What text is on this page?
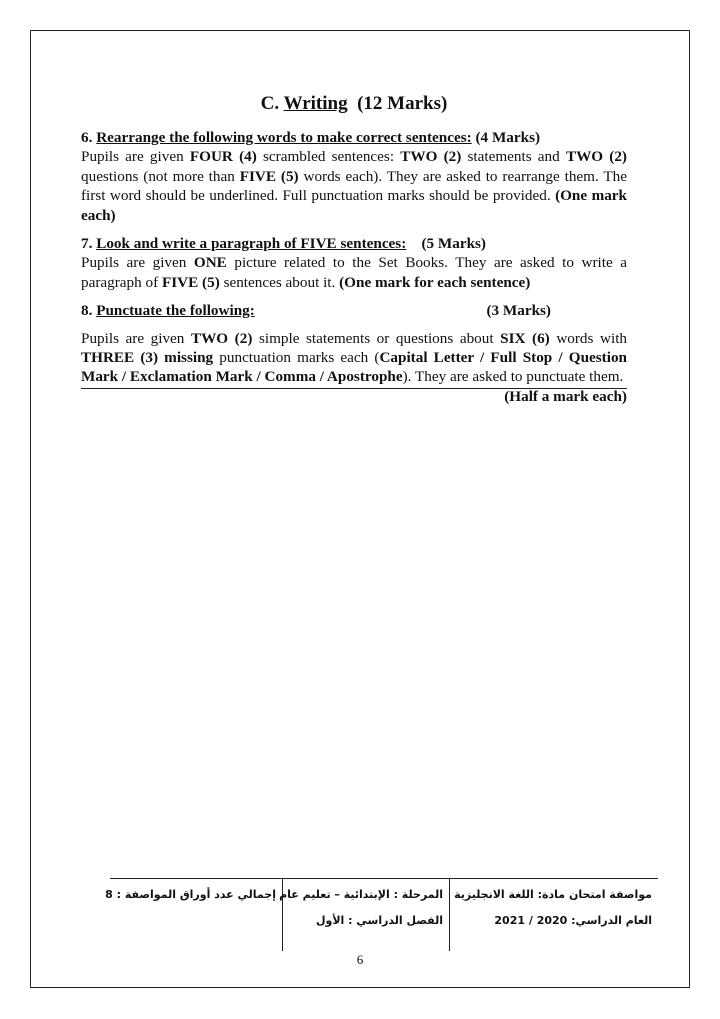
C. Writing (12 Marks)
6. Rearrange the following words to make correct sentences: (4 Marks)
Pupils are given FOUR (4) scrambled sentences: TWO (2) statements and TWO (2) questions (not more than FIVE (5) words each). They are asked to rearrange them. The first word should be underlined. Full punctuation marks should be provided. (One mark each)
7. Look and write a paragraph of FIVE sentences: (5 Marks)
Pupils are given ONE picture related to the Set Books. They are asked to write a paragraph of FIVE (5) sentences about it. (One mark for each sentence)
8. Punctuate the following:	(3 Marks)
Pupils are given TWO (2) simple statements or questions about SIX (6) words with THREE (3) missing punctuation marks each (Capital Letter / Full Stop / Question Mark / Exclamation Mark / Comma / Apostrophe). They are asked to punctuate them.
(Half a mark each)
مواصفة امتحان مادة: اللغة الانجليزية
العام الدراسي: 2020 / 2021
المرحلة : الإبتدائية – تعليم عام
الفصل الدراسي : الأول
إجمالي عدد أوراق المواصفة : 8
6
